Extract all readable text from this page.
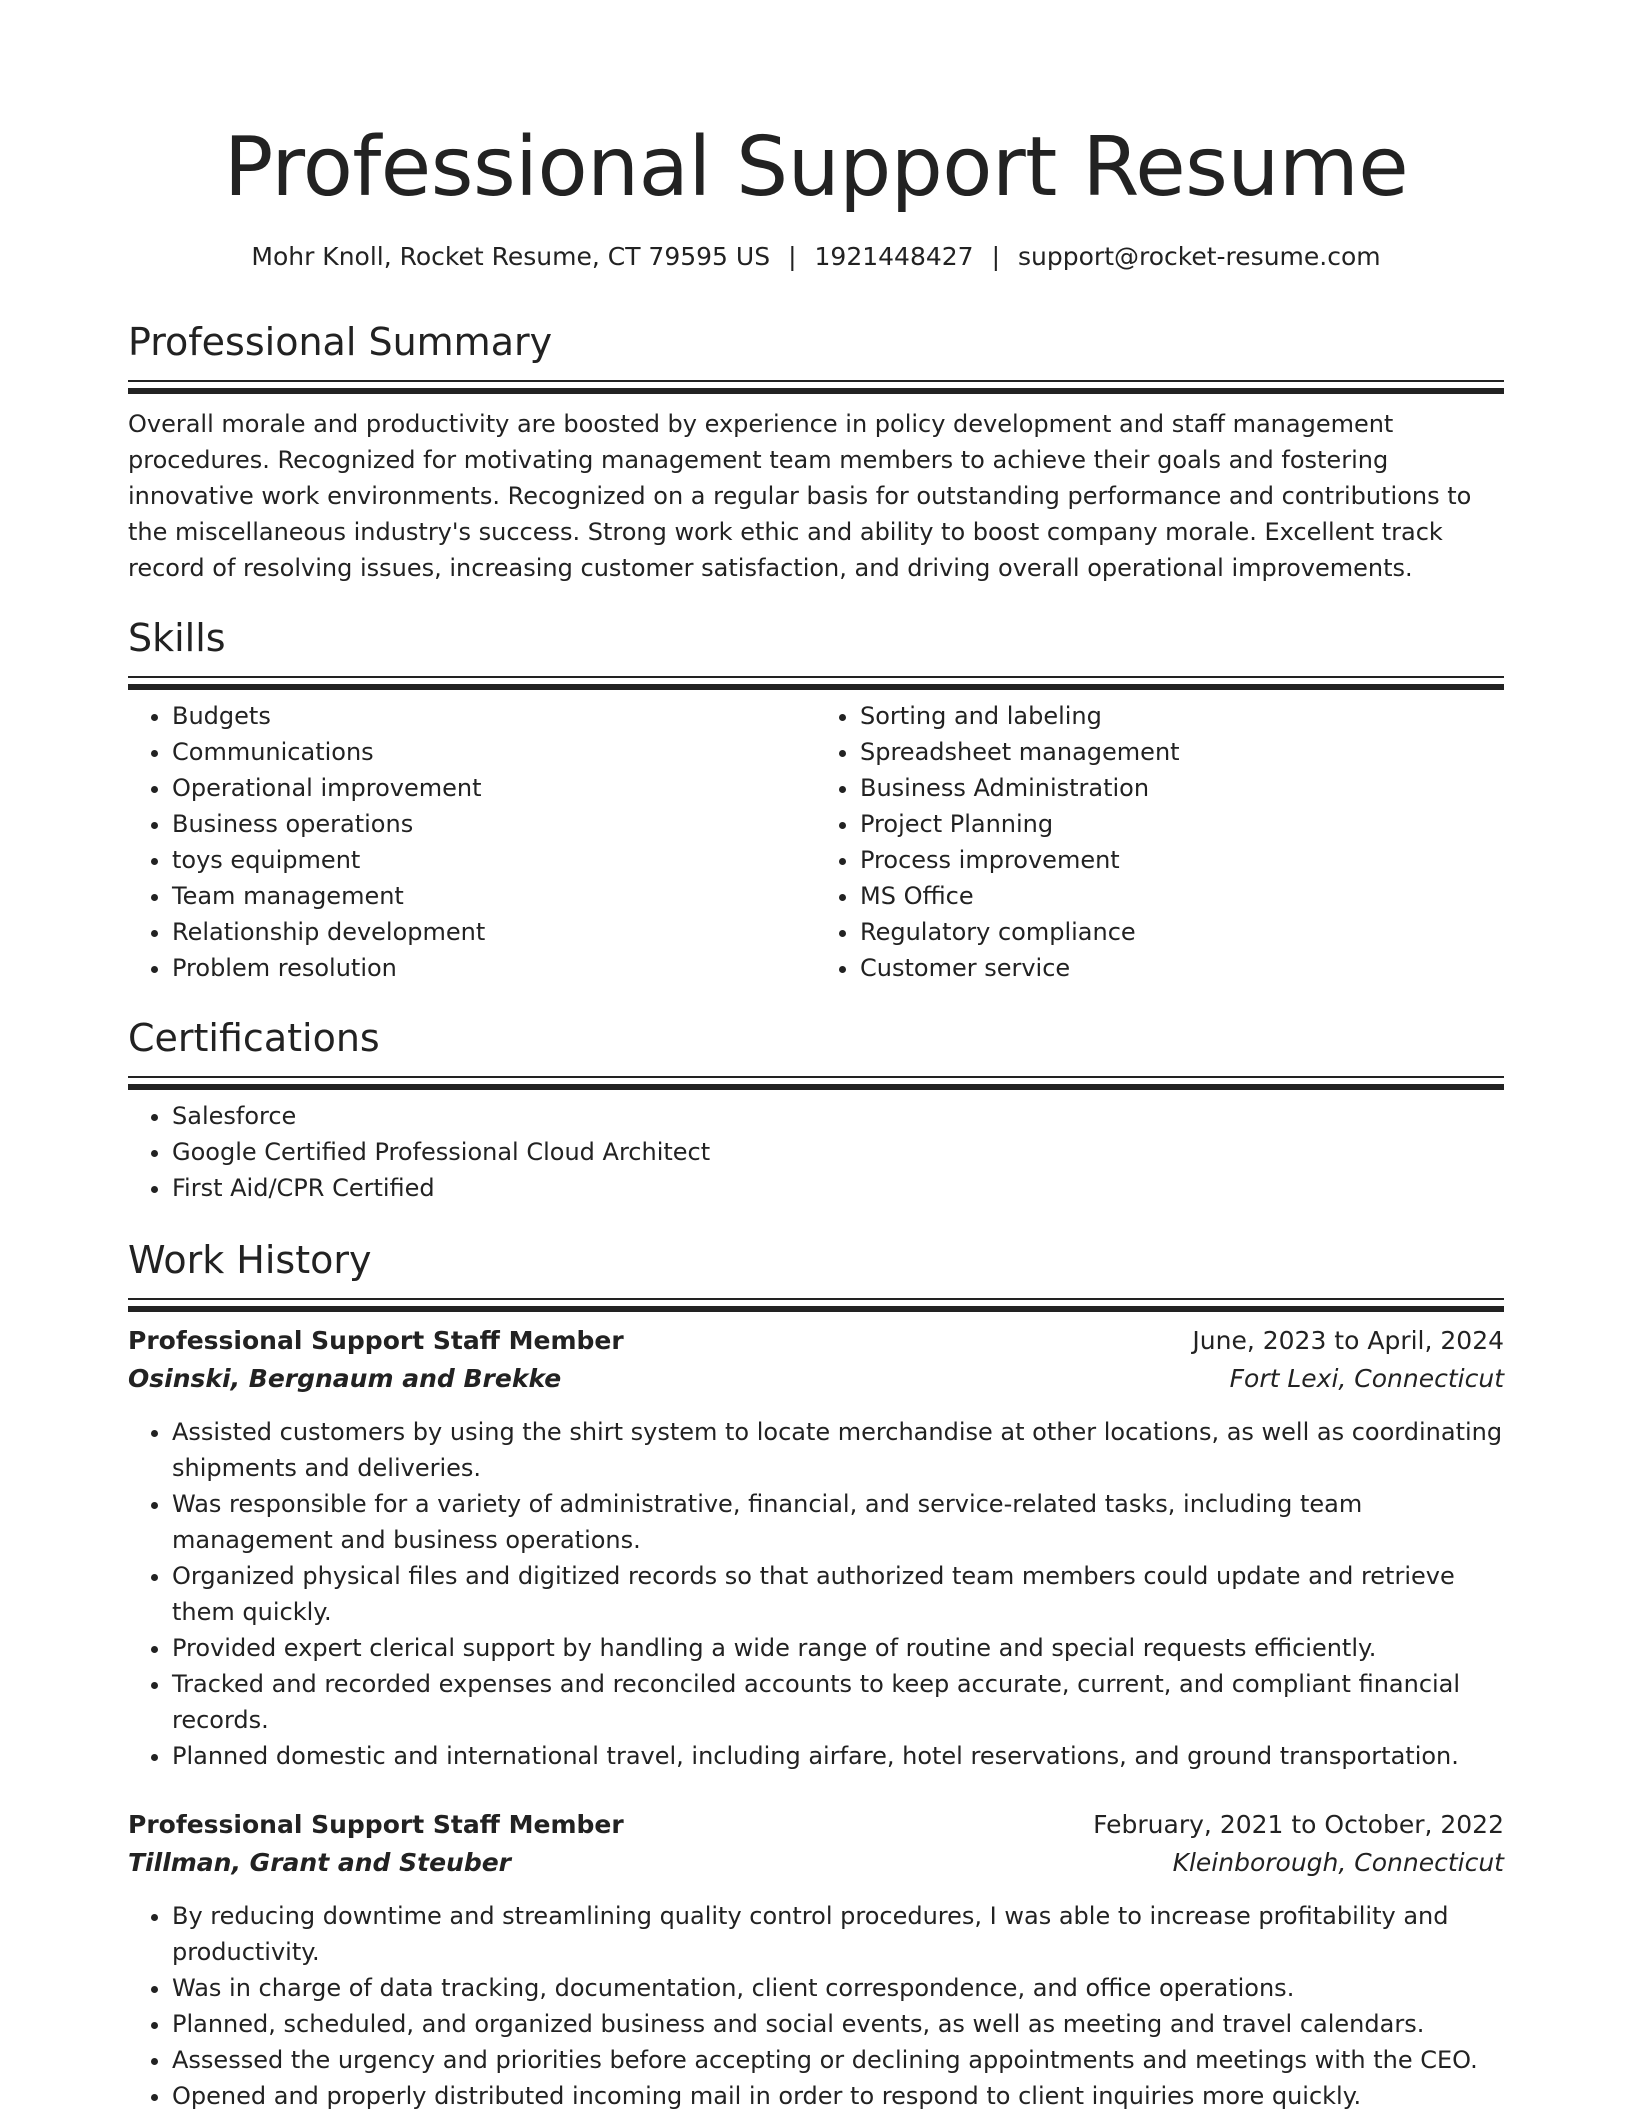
Professional Support Resume
Mohr Knoll, Rocket Resume, CT 79595 US | 1921448427 | support@rocket-resume.com
Professional Summary

Overall morale and productivity are boosted by experience in policy development and staff management procedures. Recognized for motivating management team members to achieve their goals and fostering innovative work environments. Recognized on a regular basis for outstanding performance and contributions to the miscellaneous industry's success. Strong work ethic and ability to boost company morale. Excellent track record of resolving issues, increasing customer satisfaction, and driving overall operational improvements.

Skills
• Budgets
• Communications
• Operational improvement
• Business operations
• toys equipment
• Team management
• Relationship development
• Problem resolution
• Sorting and labeling
• Spreadsheet management
• Business Administration
• Project Planning
• Process improvement
• MS Office
• Regulatory compliance
• Customer service
Certifications
• Salesforce
• Google Certified Professional Cloud Architect
• First Aid/CPR Certified
Work History
Professional Support Staff Member	June, 2023 to April, 2024
Osinski, Bergnaum and Brekke	Fort Lexi, Connecticut
• Assisted customers by using the shirt system to locate merchandise at other locations, as well as coordinating shipments and deliveries.
• Was responsible for a variety of administrative, financial, and service-related tasks, including team management and business operations.
• Organized physical files and digitized records so that authorized team members could update and retrieve them quickly.
• Provided expert clerical support by handling a wide range of routine and special requests efficiently.
• Tracked and recorded expenses and reconciled accounts to keep accurate, current, and compliant financial records.
• Planned domestic and international travel, including airfare, hotel reservations, and ground transportation.
Professional Support Staff Member	February, 2021 to October, 2022
Tillman, Grant and Steuber	Kleinborough, Connecticut
• By reducing downtime and streamlining quality control procedures, I was able to increase profitability and productivity.
• Was in charge of data tracking, documentation, client correspondence, and office operations.
• Planned, scheduled, and organized business and social events, as well as meeting and travel calendars.
• Assessed the urgency and priorities before accepting or declining appointments and meetings with the CEO.
• Opened and properly distributed incoming mail in order to respond to client inquiries more quickly.
